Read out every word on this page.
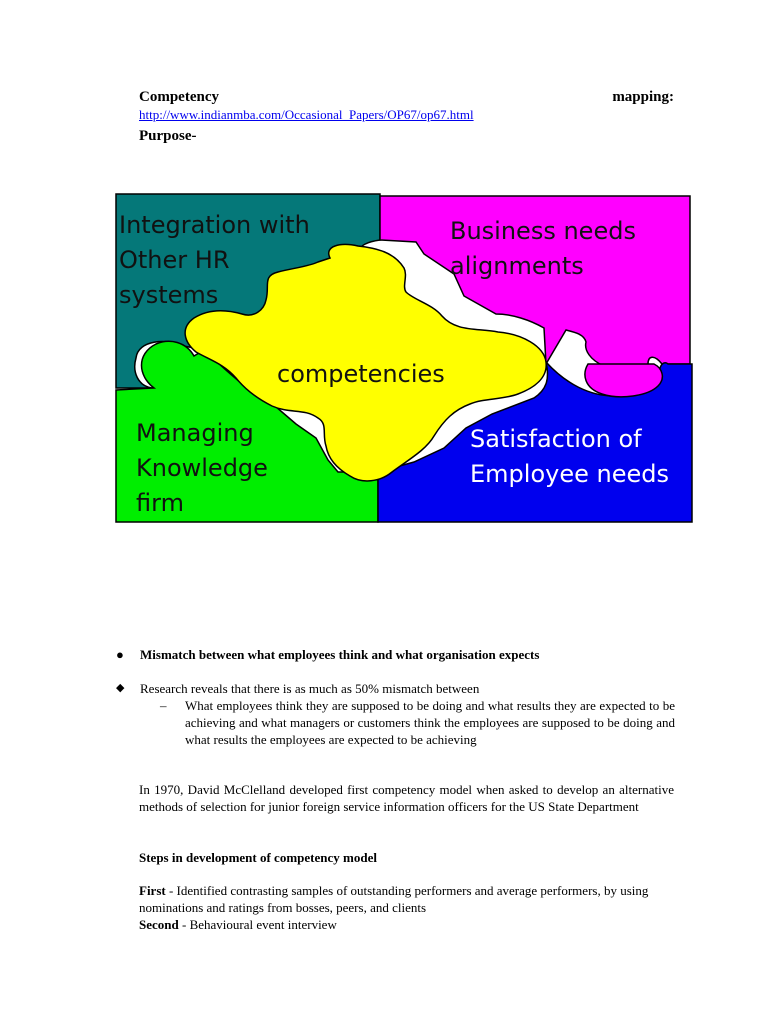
Competency	mapping:
http://www.indianmba.com/Occasional_Papers/OP67/op67.html
Purpose-
Integration with
Other HR
systems
Business needs
alignments
Managing
Knowledge
firm
Satisfaction of
Employee needs
competencies
● Mismatch between what employees think and what organisation expects
◆ Research reveals that there is as much as 50% mismatch between
– What employees think they are supposed to be doing and what results they are expected to be achieving and what managers or customers think the employees are supposed to be doing and what results the employees are expected to be achieving
In 1970, David McClelland developed first competency model when asked to develop an alternative methods of selection for junior foreign service information officers for the US State Department
Steps in development of competency model
First - Identified contrasting samples of outstanding performers and average performers, by using nominations and ratings from bosses, peers, and clients
Second - Behavioural event interview
